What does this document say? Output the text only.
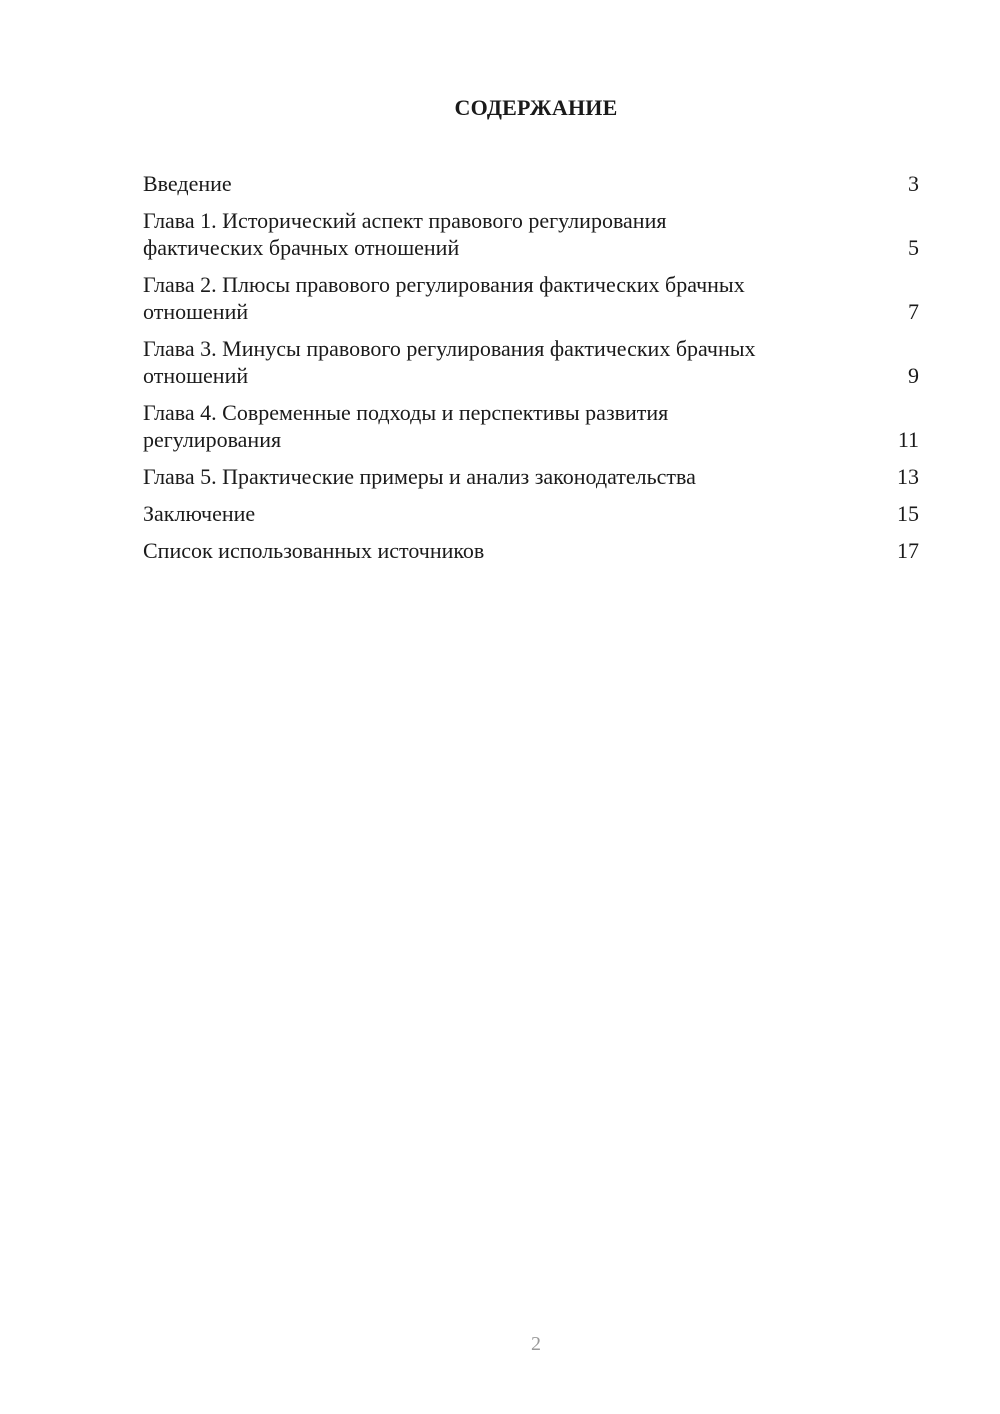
СОДЕРЖАНИЕ
Введение	3
Глава 1. Исторический аспект правового регулирования фактических брачных отношений	5
Глава 2. Плюсы правового регулирования фактических брачных отношений	7
Глава 3. Минусы правового регулирования фактических брачных отношений	9
Глава 4. Современные подходы и перспективы развития регулирования	11
Глава 5. Практические примеры и анализ законодательства	13
Заключение	15
Список использованных источников	17
2
